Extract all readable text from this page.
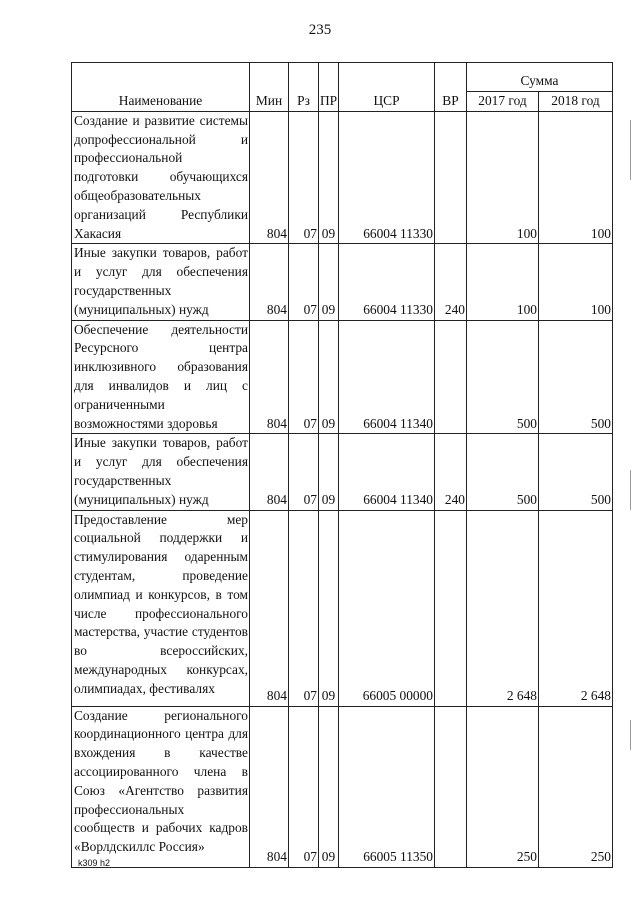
235
Наименование	Мин	Рз	ПР	ЦСР	ВР	Сумма	
						2017 год	2018 год
Создание и развитие системы допрофессиональной и профессиональной подготовки обучающихся общеобразовательных организаций Республики Хакасия	804	07	09	66004 11330		100	100
Иные закупки товаров, работ и услуг для обеспечения государственных (муниципальных) нужд	804	07	09	66004 11330	240	100	100
Обеспечение деятельности Ресурсного центра инклюзивного образования для инвалидов и лиц с ограниченными возможностями здоровья	804	07	09	66004 11340		500	500
Иные закупки товаров, работ и услуг для обеспечения государственных (муниципальных) нужд	804	07	09	66004 11340	240	500	500
Предоставление мер социальной поддержки и стимулирования одаренным студентам, проведение олимпиад и конкурсов, в том числе профессионального мастерства, участие студентов во всероссийских, международных конкурсах, олимпиадах, фестивалях	804	07	09	66005 00000		2 648	2 648
Создание регионального координационного центра для вхождения в качестве ассоциированного члена в Союз «Агентство развития профессиональных сообществ и рабочих кадров «Ворлдскиллс Россия»	804	07	09	66005 11350		250	250
k309 h2
